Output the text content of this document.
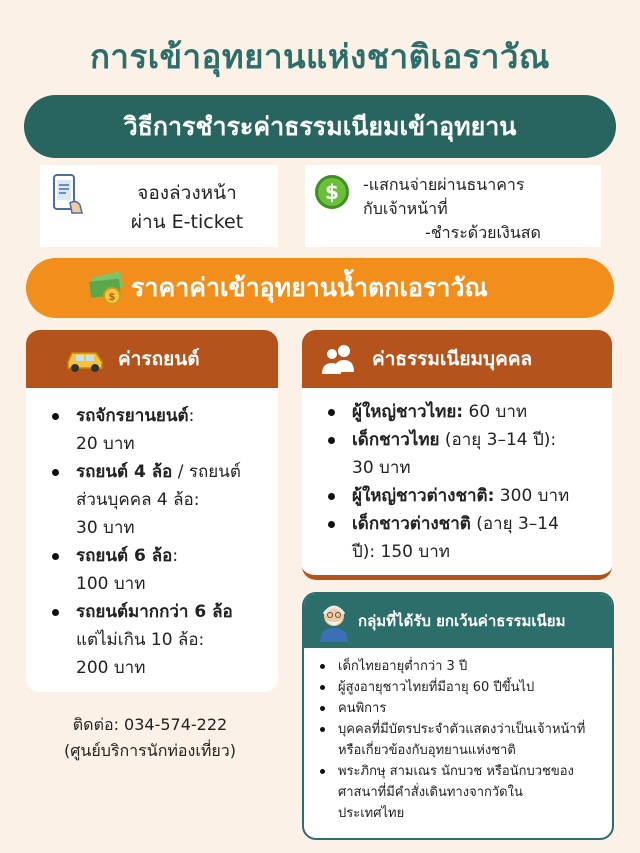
การเข้าอุทยานแห่งชาติเอราวัณ
วิธีการชำระค่าธรรมเนียมเข้าอุทยาน
จองล่วงหน้า
ผ่าน E-ticket
$	-แสกนจ่ายผ่านธนาคาร
กับเจ้าหน้าที่
-ชำระด้วยเงินสด
$ ราคาค่าเข้าอุทยานน้ำตกเอราวัณ
ค่ารถยนต์
รถจักรยานยนต์:
20 บาท
รถยนต์ 4 ล้อ / รถยนต์
ส่วนบุคคล 4 ล้อ:
30 บาท
รถยนต์ 6 ล้อ:
100 บาท
รถยนต์มากกว่า 6 ล้อ
แต่ไม่เกิน 10 ล้อ:
200 บาท
ค่าธรรมเนียมบุคคล
ผู้ใหญ่ชาวไทย: 60 บาท
เด็กชาวไทย (อายุ 3–14 ปี):
30 บาท
ผู้ใหญ่ชาวต่างชาติ: 300 บาท
เด็กชาวต่างชาติ (อายุ 3–14
ปี): 150 บาท
ติดต่อ: 034-574-222
(ศูนย์บริการนักท่องเที่ยว)
กลุ่มที่ได้รับ ยกเว้นค่าธรรมเนียม
เด็กไทยอายุต่ำกว่า 3 ปี
ผู้สูงอายุชาวไทยที่มีอายุ 60 ปีขึ้นไป
คนพิการ
บุคคลที่มีบัตรประจำตัวแสดงว่าเป็นเจ้าหน้าที่
หรือเกี่ยวข้องกับอุทยานแห่งชาติ
พระภิกษุ สามเณร นักบวช หรือนักบวชของ
ศาสนาที่มีคำสั่งเดินทางจากวัดใน
ประเทศไทย
